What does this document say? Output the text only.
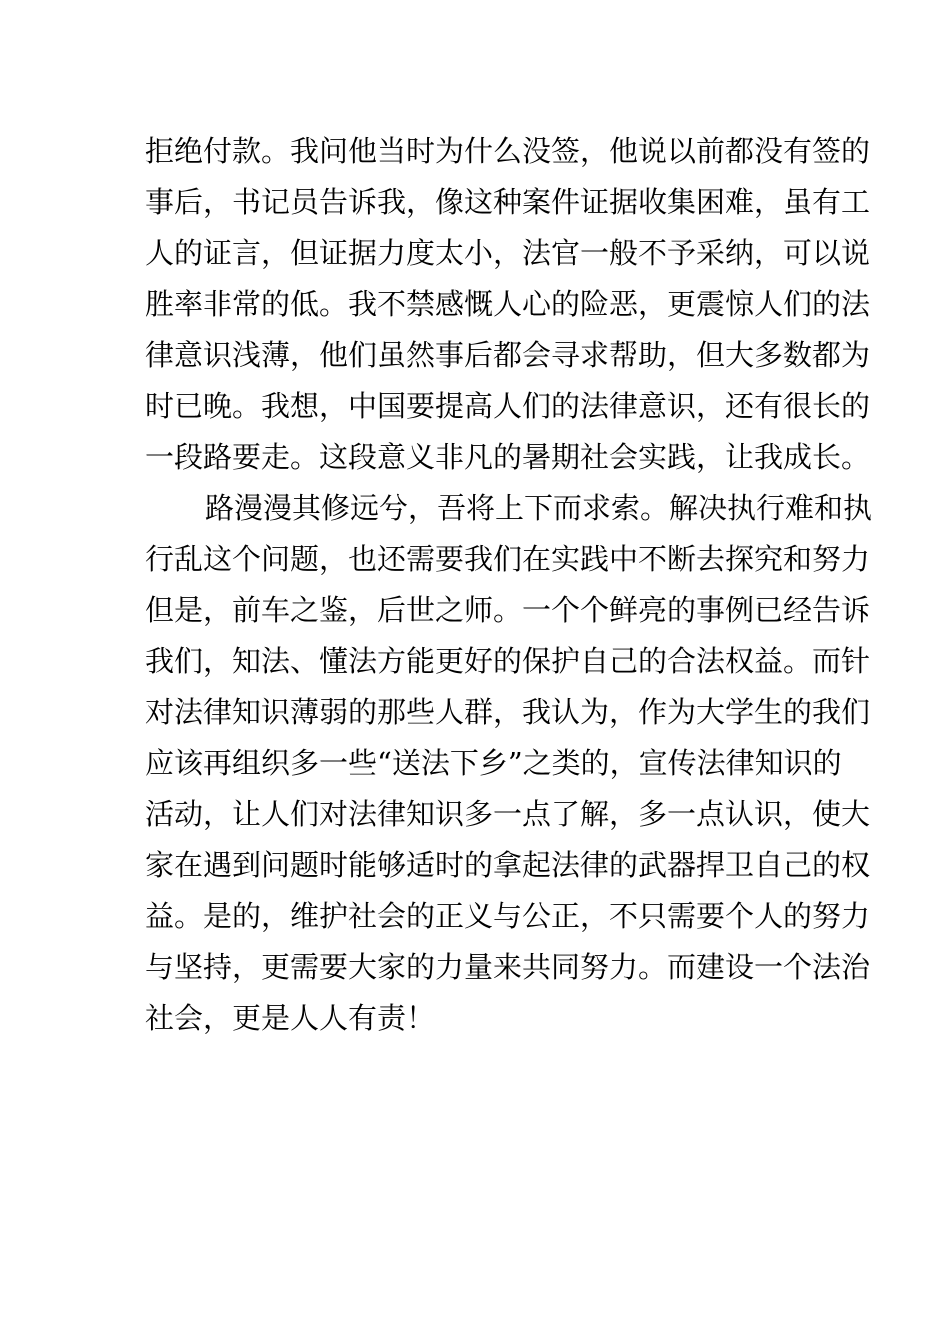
拒绝付款。我问他当时为什么没签，他说以前都没有签的
事后，书记员告诉我，像这种案件证据收集困难，虽有工
人的证言，但证据力度太小，法官一般不予采纳，可以说
胜率非常的低。我不禁感慨人心的险恶，更震惊人们的法
律意识浅薄，他们虽然事后都会寻求帮助，但大多数都为
时已晚。我想，中国要提高人们的法律意识，还有很长的
一段路要走。这段意义非凡的暑期社会实践，让我成长。
路漫漫其修远兮，吾将上下而求索。解决执行难和执
行乱这个问题，也还需要我们在实践中不断去探究和努力
但是，前车之鉴，后世之师。一个个鲜亮的事例已经告诉
我们，知法、懂法方能更好的保护自己的合法权益。而针
对法律知识薄弱的那些人群，我认为，作为大学生的我们
应该再组织多一些“送法下乡”之类的，宣传法律知识的
活动，让人们对法律知识多一点了解，多一点认识，使大
家在遇到问题时能够适时的拿起法律的武器捍卫自己的权
益。是的，维护社会的正义与公正，不只需要个人的努力
与坚持，更需要大家的力量来共同努力。而建设一个法治
社会，更是人人有责！
